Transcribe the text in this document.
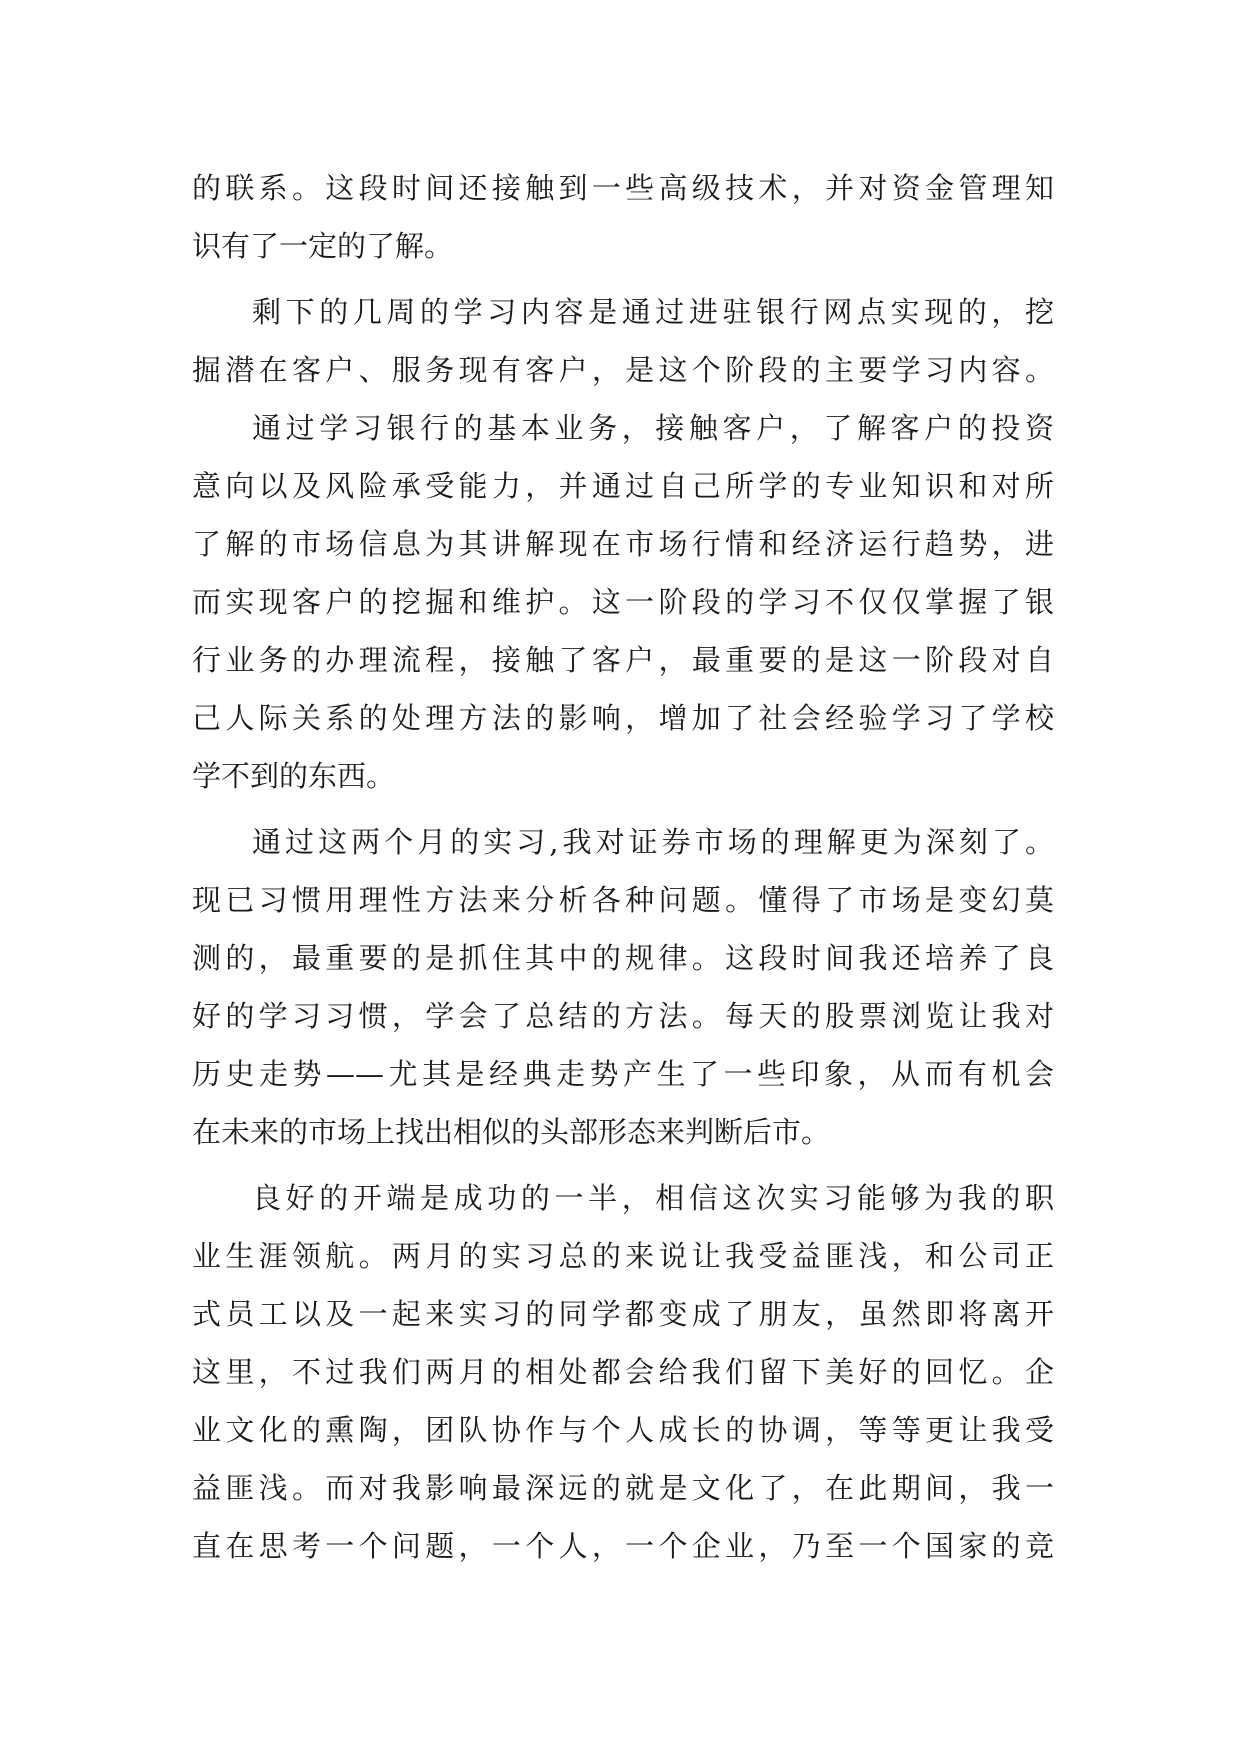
的联系。这段时间还接触到一些高级技术，并对资金管理知
识有了一定的了解。
剩下的几周的学习内容是通过进驻银行网点实现的，挖
掘潜在客户、服务现有客户，是这个阶段的主要学习内容。
通过学习银行的基本业务，接触客户，了解客户的投资
意向以及风险承受能力，并通过自己所学的专业知识和对所
了解的市场信息为其讲解现在市场行情和经济运行趋势，进
而实现客户的挖掘和维护。这一阶段的学习不仅仅掌握了银
行业务的办理流程，接触了客户，最重要的是这一阶段对自
己人际关系的处理方法的影响，增加了社会经验学习了学校
学不到的东西。
通过这两个月的实习,我对证券市场的理解更为深刻了。
现已习惯用理性方法来分析各种问题。懂得了市场是变幻莫
测的，最重要的是抓住其中的规律。这段时间我还培养了良
好的学习习惯，学会了总结的方法。每天的股票浏览让我对
历史走势——尤其是经典走势产生了一些印象，从而有机会
在未来的市场上找出相似的头部形态来判断后市。
良好的开端是成功的一半，相信这次实习能够为我的职
业生涯领航。两月的实习总的来说让我受益匪浅，和公司正
式员工以及一起来实习的同学都变成了朋友，虽然即将离开
这里，不过我们两月的相处都会给我们留下美好的回忆。企
业文化的熏陶，团队协作与个人成长的协调，等等更让我受
益匪浅。而对我影响最深远的就是文化了，在此期间，我一
直在思考一个问题，一个人，一个企业，乃至一个国家的竞
